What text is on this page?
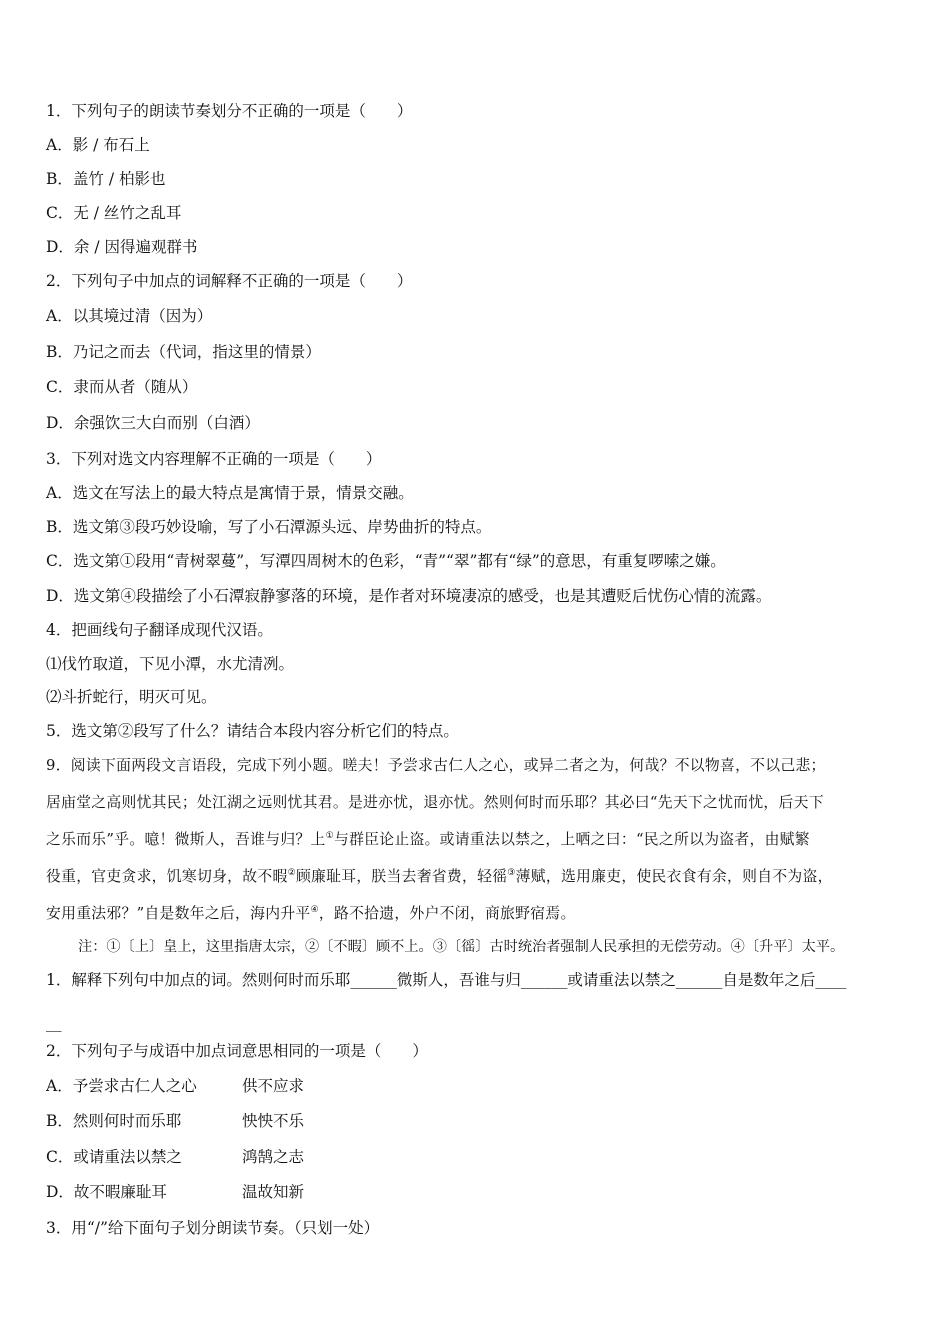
1．下列句子的朗读节奏划分不正确的一项是（　　）
A．影 / 布石上
B．盖竹 / 柏影也
C．无 / 丝竹之乱耳
D．余 / 因得遍观群书
2．下列句子中加点的词解释不正确的一项是（　　）
A．以其境过清（因为）
B．乃记之而去（代词，指这里的情景）
C．隶而从者（随从）
D．余强饮三大白而别（白酒）
3．下列对选文内容理解不正确的一项是（　　）
A．选文在写法上的最大特点是寓情于景，情景交融。
B．选文第③段巧妙设喻，写了小石潭源头远、岸势曲折的特点。
C．选文第①段用“青树翠蔓”，写潭四周树木的色彩，“青”“翠”都有“绿”的意思，有重复啰嗦之嫌。
D．选文第④段描绘了小石潭寂静寥落的环境，是作者对环境凄凉的感受，也是其遭贬后忧伤心情的流露。
4．把画线句子翻译成现代汉语。
⑴伐竹取道，下见小潭，水尤清冽。
⑵斗折蛇行，明灭可见。
5．选文第②段写了什么？请结合本段内容分析它们的特点。
9．阅读下面两段文言语段，完成下列小题。嗟夫！予尝求古仁人之心，或异二者之为，何哉？不以物喜，不以己悲；
居庙堂之高则忧其民；处江湖之远则忧其君。是进亦忧，退亦忧。然则何时而乐耶？其必曰“先天下之忧而忧，后天下
之乐而乐”乎。噫！微斯人，吾谁与归？上①与群臣论止盗。或请重法以禁之，上哂之曰：“民之所以为盗者，由赋繁
役重，官吏贪求，饥寒切身，故不暇②顾廉耻耳，朕当去奢省费，轻徭③薄赋，选用廉吏，使民衣食有余，则自不为盗，
安用重法邪？”自是数年之后，海内升平④，路不拾遗，外户不闭，商旅野宿焉。
注：①〔上〕皇上，这里指唐太宗，②〔不暇〕顾不上。③〔徭〕古时统治者强制人民承担的无偿劳动。④〔升平〕太平。
1．解释下列句中加点的词。然则何时而乐耶______微斯人，吾谁与归______或请重法以禁之______自是数年之后____
__
2．下列句子与成语中加点词意思相同的一项是（　　）
A．予尝求古仁人之心	供不应求
B．然则何时而乐耶	怏怏不乐
C．或请重法以禁之	鸿鹄之志
D．故不暇廉耻耳	温故知新
3．用“/”给下面句子划分朗读节奏。（只划一处）
